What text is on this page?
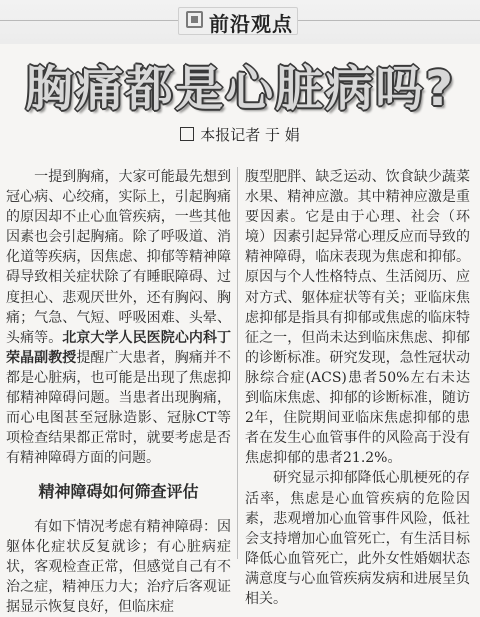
前沿观点
胸痛都是心脏病吗?
本报记者 于 娟

　　一提到胸痛，大家可能最先想到冠心病、心绞痛，实际上，引起胸痛的原因却不止心血管疾病，一些其他因素也会引起胸痛。除了呼吸道、消化道等疾病，因焦虑、抑郁等精神障碍导致相关症状除了有睡眠障碍、过度担心、悲观厌世外，还有胸闷、胸痛；气急、气短、呼吸困难、头晕、头痛等。北京大学人民医院心内科丁荣晶副教授提醒广大患者，胸痛并不都是心脏病，也可能是出现了焦虑抑郁精神障碍问题。当患者出现胸痛，而心电图甚至冠脉造影、冠脉CT等项检查结果都正常时，就要考虑是否有精神障碍方面的问题。

精神障碍如何筛查评估

　　有如下情况考虑有精神障碍：因躯体化症状反复就诊；有心脏病症状，客观检查正常，但感觉自己有不治之症，精神压力大；治疗后客观证据显示恢复良好，但临床症

腹型肥胖、缺乏运动、饮食缺少蔬菜水果、精神应激。其中精神应激是重要因素。它是由于心理、社会（环境）因素引起异常心理反应而导致的精神障碍，临床表现为焦虑和抑郁。原因与个人性格特点、生活阅历、应对方式、躯体症状等有关；亚临床焦虑抑郁是指具有抑郁或焦虑的临床特征之一，但尚未达到临床焦虑、抑郁的诊断标准。研究发现，急性冠状动脉综合症(ACS)患者50%左右未达到临床焦虑、抑郁的诊断标准，随访2年，住院期间亚临床焦虑抑郁的患者在发生心血管事件的风险高于没有焦虑抑郁的患者21.2%。

　　研究显示抑郁降低心肌梗死的存活率，焦虑是心血管疾病的危险因素，悲观增加心血管事件风险，低社会支持增加心血管死亡，有生活目标降低心血管死亡，此外女性婚姻状态满意度与心血管疾病发病和进展呈负相关。
